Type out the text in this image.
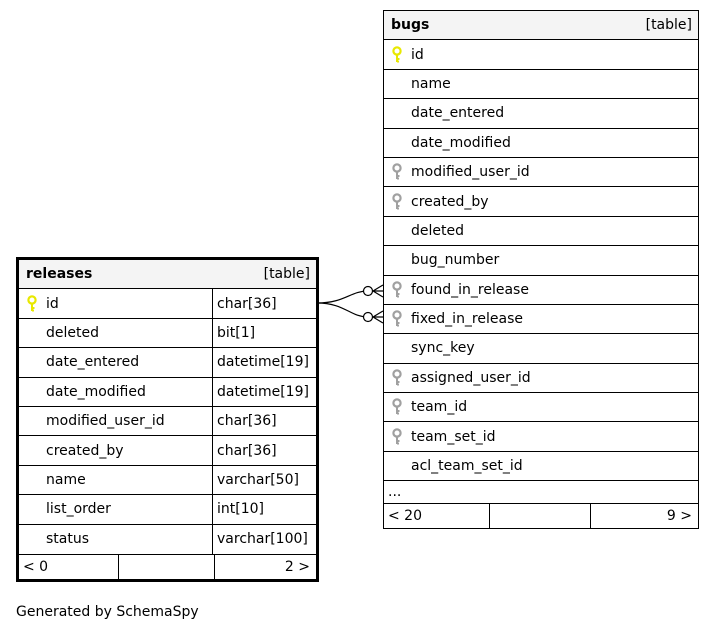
bugs	[table]
id
name
date_entered
date_modified
modified_user_id
created_by
deleted
bug_number
found_in_release
fixed_in_release
sync_key
assigned_user_id
team_id
team_set_id
acl_team_set_id
...
< 20	9 >
releases	[table]
id	char[36]
deleted	bit[1]
date_entered	datetime[19]
date_modified	datetime[19]
modified_user_id	char[36]
created_by	char[36]
name	varchar[50]
list_order	int[10]
status	varchar[100]
< 0	2 >
Generated by SchemaSpy
